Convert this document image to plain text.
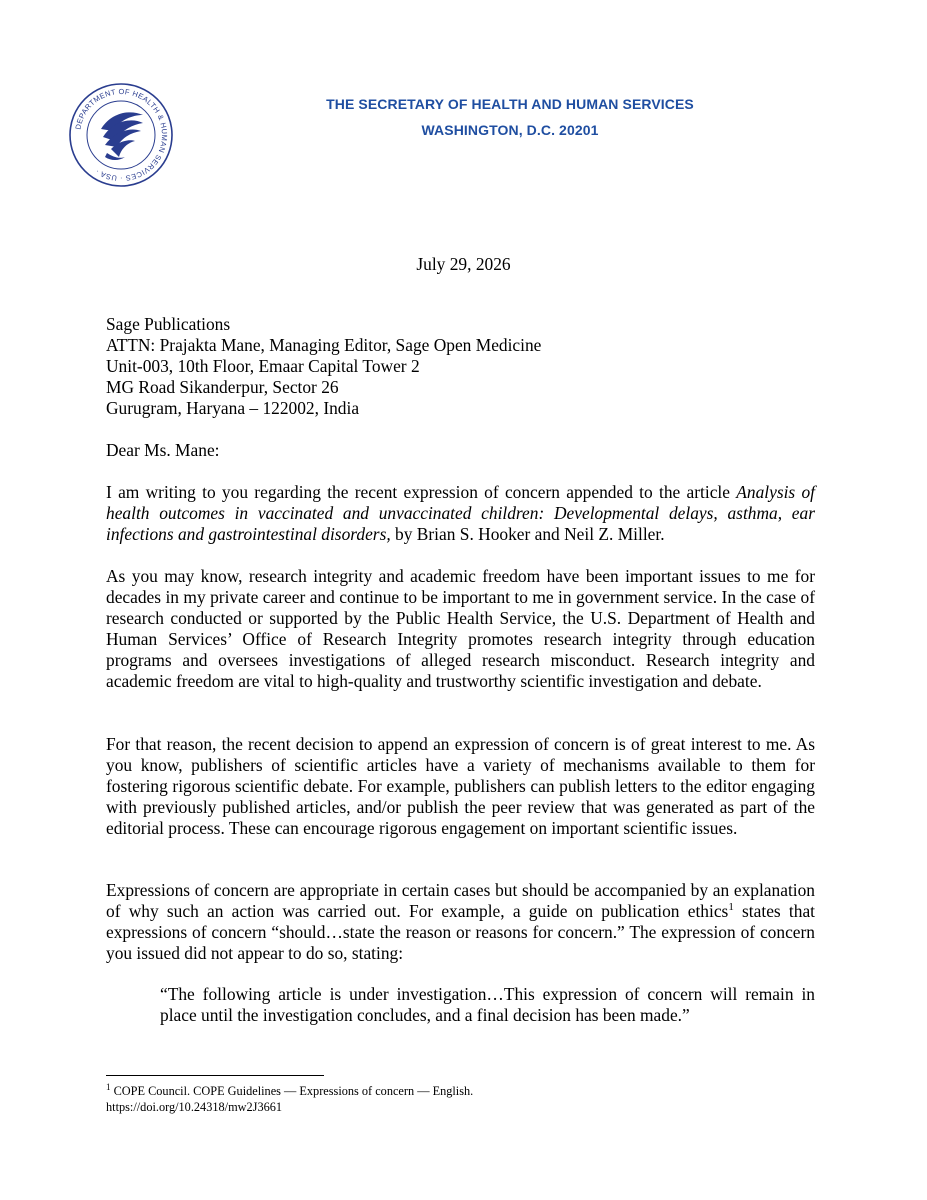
DEPARTMENT OF HEALTH & HUMAN SERVICES · USA ·
THE SECRETARY OF HEALTH AND HUMAN SERVICES
WASHINGTON, D.C. 20201
July 29, 2026
Sage Publications
ATTN: Prajakta Mane, Managing Editor, Sage Open Medicine
Unit-003, 10th Floor, Emaar Capital Tower 2
MG Road Sikanderpur, Sector 26
Gurugram, Haryana – 122002, India
Dear Ms. Mane:

I am writing to you regarding the recent expression of concern appended to the article Analysis of health outcomes in vaccinated and unvaccinated children: Developmental delays, asthma, ear infections and gastrointestinal disorders, by Brian S. Hooker and Neil Z. Miller.

As you may know, research integrity and academic freedom have been important issues to me for decades in my private career and continue to be important to me in government service. In the case of research conducted or supported by the Public Health Service, the U.S. Department of Health and Human Services’ Office of Research Integrity promotes research integrity through education programs and oversees investigations of alleged research misconduct. Research integrity and academic freedom are vital to high-quality and trustworthy scientific investigation and debate.

For that reason, the recent decision to append an expression of concern is of great interest to me. As you know, publishers of scientific articles have a variety of mechanisms available to them for fostering rigorous scientific debate. For example, publishers can publish letters to the editor engaging with previously published articles, and/or publish the peer review that was generated as part of the editorial process. These can encourage rigorous engagement on important scientific issues.

Expressions of concern are appropriate in certain cases but should be accompanied by an explanation of why such an action was carried out. For example, a guide on publication ethics$^1$ states that expressions of concern “should…state the reason or reasons for concern.” The expression of concern you issued did not appear to do so, stating:

“The following article is under investigation…This expression of concern will remain in place until the investigation concludes, and a final decision has been made.”

$^1$ COPE Council. COPE Guidelines — Expressions of concern — English.
https://doi.org/10.24318/mw2J3661
